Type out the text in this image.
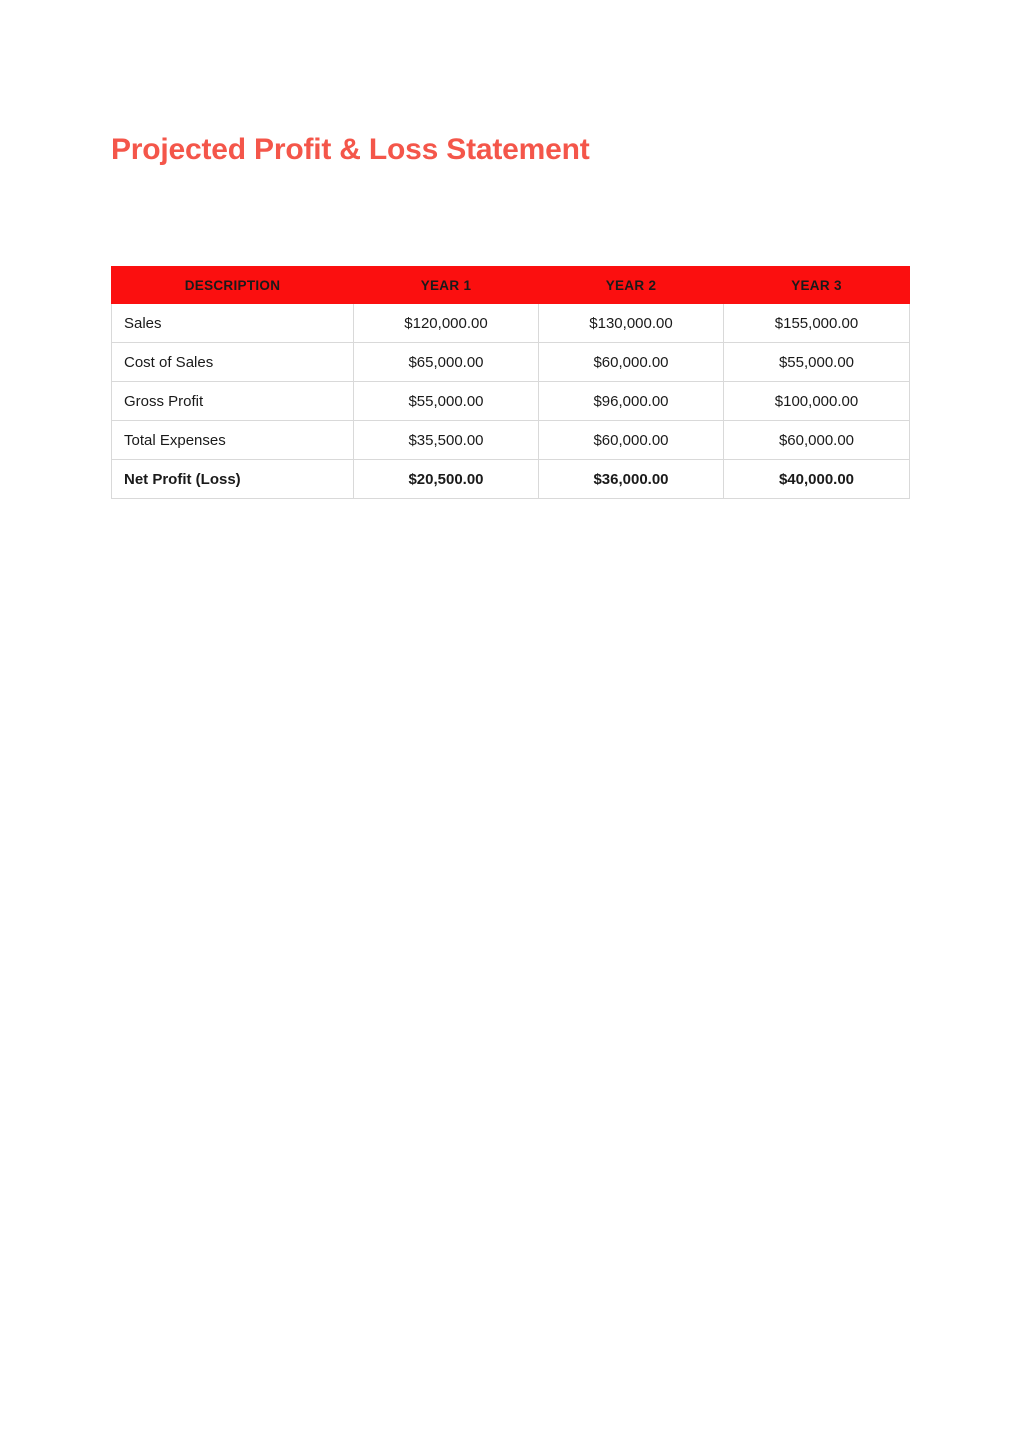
Projected Profit & Loss Statement
DESCRIPTION	YEAR 1	YEAR 2	YEAR 3
Sales	$120,000.00	$130,000.00	$155,000.00
Cost of Sales	$65,000.00	$60,000.00	$55,000.00
Gross Profit	$55,000.00	$96,000.00	$100,000.00
Total Expenses	$35,500.00	$60,000.00	$60,000.00
Net Profit (Loss)	$20,500.00	$36,000.00	$40,000.00
